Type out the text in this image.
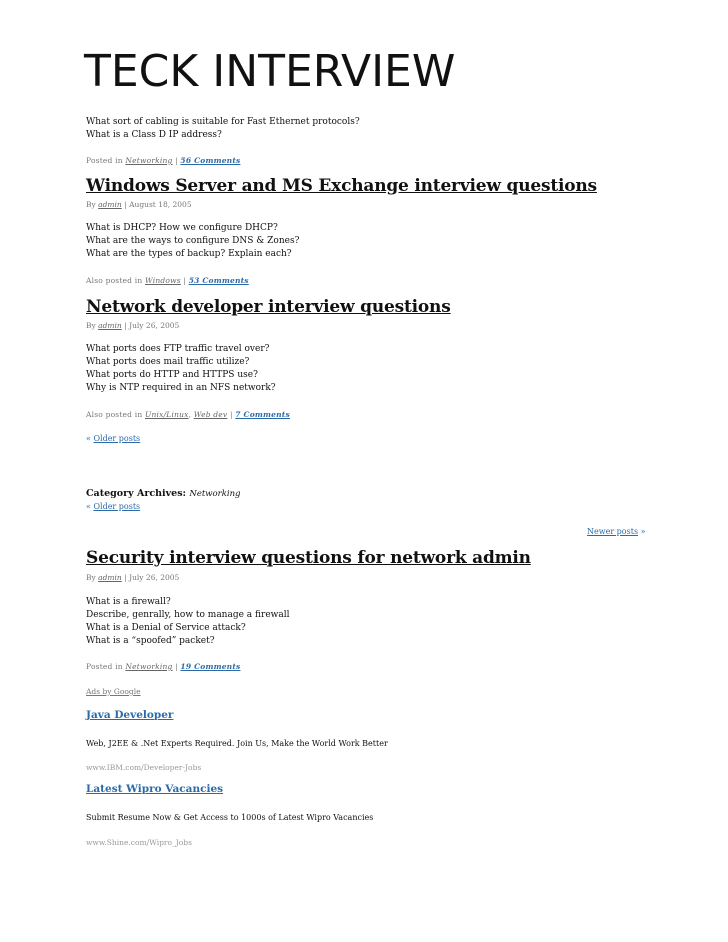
TECK INTERVIEW

What sort of cabling is suitable for Fast Ethernet protocols?

What is a Class D IP address?

Posted in Networking | 56 Comments
Windows Server and MS Exchange interview questions
By admin | August 18, 2005

What is DHCP? How we configure DHCP?

What are the ways to configure DNS & Zones?

What are the types of backup? Explain each?

Also posted in Windows | 53 Comments
Network developer interview questions
By admin | July 26, 2005

What ports does FTP traffic travel over?

What ports does mail traffic utilize?

What ports do HTTP and HTTPS use?

Why is NTP required in an NFS network?

Also posted in Unix/Linux, Web dev | 7 Comments
« Older posts
Category Archives: Networking
« Older posts
Newer posts »
Security interview questions for network admin
By admin | July 26, 2005

What is a firewall?

Describe, genrally, how to manage a firewall

What is a Denial of Service attack?

What is a “spoofed” packet?

Posted in Networking | 19 Comments
Ads by Google
Java Developer
Web, J2EE & .Net Experts Required. Join Us, Make the World Work Better
www.IBM.com/Developer-Jobs
Latest Wipro Vacancies
Submit Resume Now & Get Access to 1000s of Latest Wipro Vacancies
www.Shine.com/Wipro_Jobs
